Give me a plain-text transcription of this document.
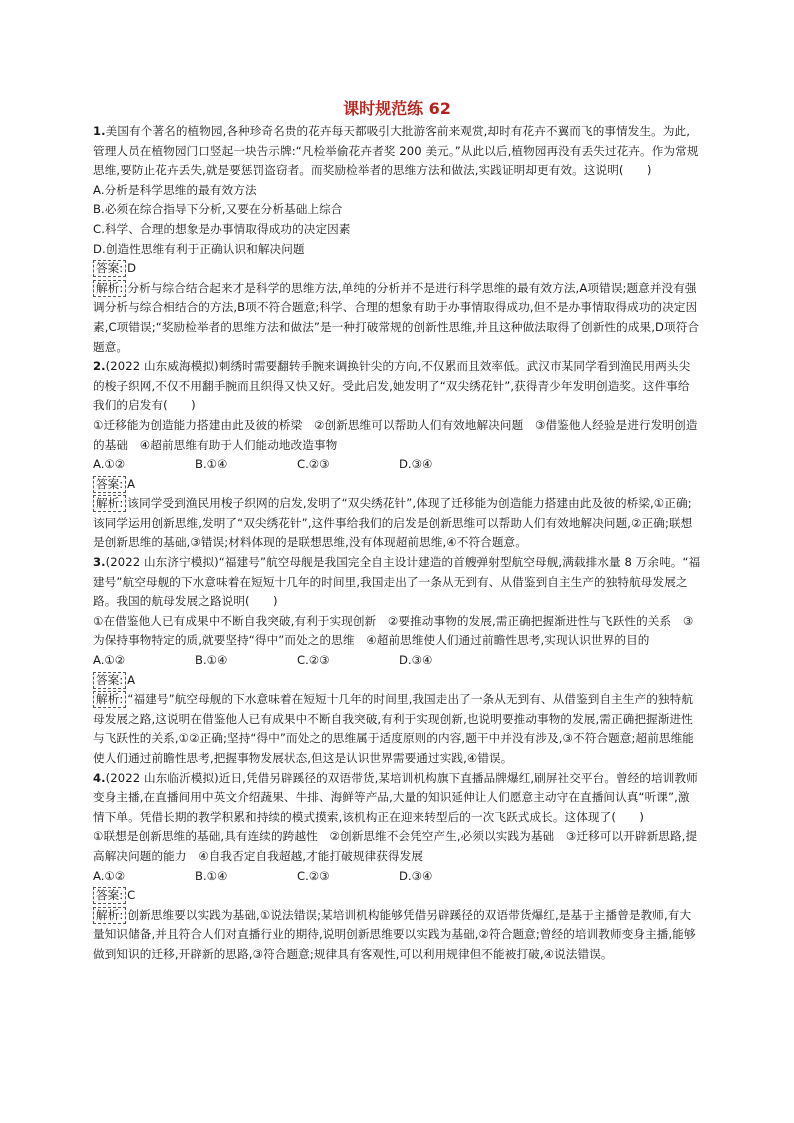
课时规范练 62

1.美国有个著名的植物园,各种珍奇名贵的花卉每天都吸引大批游客前来观赏,却时有花卉不翼而飞的事情发生。为此,管理人员在植物园门口竖起一块告示牌:“凡检举偷花卉者奖 200 美元。”从此以后,植物园再没有丢失过花卉。作为常规思维,要防止花卉丢失,就是要惩罚盗窃者。而奖励检举者的思维方法和做法,实践证明却更有效。这说明(　　)

A.分析是科学思维的最有效方法

B.必须在综合指导下分析,又要在分析基础上综合

C.科学、合理的想象是办事情取得成功的决定因素

D.创造性思维有利于正确认识和解决问题

答案: D

解析: 分析与综合结合起来才是科学的思维方法,单纯的分析并不是进行科学思维的最有效方法,A项错误;题意并没有强调分析与综合相结合的方法,B项不符合题意;科学、合理的想象有助于办事情取得成功,但不是办事情取得成功的决定因素,C项错误;“奖励检举者的思维方法和做法”是一种打破常规的创新性思维,并且这种做法取得了创新性的成果,D项符合题意。

2.(2022 山东威海模拟)刺绣时需要翻转手腕来调换针尖的方向,不仅累而且效率低。武汉市某同学看到渔民用两头尖的梭子织网,不仅不用翻手腕而且织得又快又好。受此启发,她发明了“双尖绣花针”,获得青少年发明创造奖。这件事给我们的启发有(　　)

①迁移能为创造能力搭建由此及彼的桥梁　②创新思维可以帮助人们有效地解决问题　③借鉴他人经验是进行发明创造的基础　④超前思维有助于人们能动地改造事物

A.①②	B.①④	C.②③	D.③④
答案: A

解析: 该同学受到渔民用梭子织网的启发,发明了“双尖绣花针”,体现了迁移能为创造能力搭建由此及彼的桥梁,①正确;该同学运用创新思维,发明了“双尖绣花针”,这件事给我们的启发是创新思维可以帮助人们有效地解决问题,②正确;联想是创新思维的基础,③错误;材料体现的是联想思维,没有体现超前思维,④不符合题意。

3.(2022 山东济宁模拟)“福建号”航空母舰是我国完全自主设计建造的首艘弹射型航空母舰,满载排水量 8 万余吨。“福建号”航空母舰的下水意味着在短短十几年的时间里,我国走出了一条从无到有、从借鉴到自主生产的独特航母发展之路。我国的航母发展之路说明(　　)

①在借鉴他人已有成果中不断自我突破,有利于实现创新　②要推动事物的发展,需正确把握渐进性与飞跃性的关系　③为保持事物特定的质,就要坚持“得中”而处之的思维　④超前思维使人们通过前瞻性思考,实现认识世界的目的

A.①②	B.①④	C.②③	D.③④
答案: A

解析: “福建号”航空母舰的下水意味着在短短十几年的时间里,我国走出了一条从无到有、从借鉴到自主生产的独特航母发展之路,这说明在借鉴他人已有成果中不断自我突破,有利于实现创新,也说明要推动事物的发展,需正确把握渐进性与飞跃性的关系,①②正确;坚持“得中”而处之的思维属于适度原则的内容,题干中并没有涉及,③不符合题意;超前思维能使人们通过前瞻性思考,把握事物发展状态,但这是认识世界需要通过实践,④错误。

4.(2022 山东临沂模拟)近日,凭借另辟蹊径的双语带货,某培训机构旗下直播品牌爆红,刷屏社交平台。曾经的培训教师变身主播,在直播间用中英文介绍蔬果、牛排、海鲜等产品,大量的知识延伸让人们愿意主动守在直播间认真“听课”,激情下单。凭借长期的教学积累和持续的模式摸索,该机构正在迎来转型后的一次飞跃式成长。这体现了(　　)

①联想是创新思维的基础,具有连续的跨越性　②创新思维不会凭空产生,必须以实践为基础　③迁移可以开辟新思路,提高解决问题的能力　④自我否定自我超越,才能打破规律获得发展

A.①②	B.①④	C.②③	D.③④
答案: C

解析: 创新思维要以实践为基础,①说法错误;某培训机构能够凭借另辟蹊径的双语带货爆红,是基于主播曾是教师,有大量知识储备,并且符合人们对直播行业的期待,说明创新思维要以实践为基础,②符合题意;曾经的培训教师变身主播,能够做到知识的迁移,开辟新的思路,③符合题意;规律具有客观性,可以利用规律但不能被打破,④说法错误。
